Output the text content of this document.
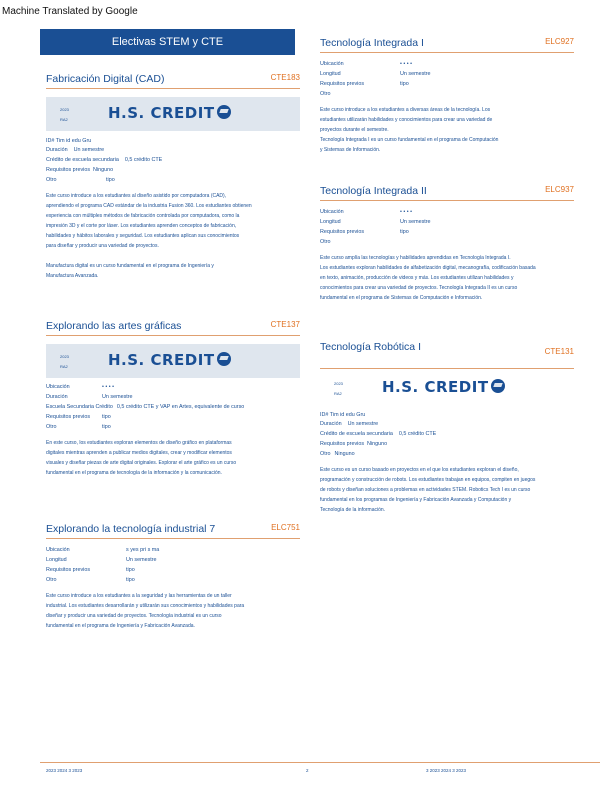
Machine Translated by Google
Electivas STEM y CTE
Fabricación Digital (CAD)	CTE183
2023
RA2	H.S. CREDIT
ID# Tim id edu Gru
Duración Un semestre
Crédito de escuela secundaria 0,5 crédito CTE
Requisitos previos Ninguno
Otro	tipo
Este curso introduce a los estudiantes al diseño asistido por computadora (CAD),
aprendiendo el programa CAD estándar de la industria Fusion 360. Los estudiantes obtienen
experiencia con múltiples métodos de fabricación controlada por computadora, como la
impresión 3D y el corte por láser. Los estudiantes aprenden conceptos de fabricación,
habilidades y hábitos laborales y seguridad. Los estudiantes aplican sus conocimientos
para diseñar y producir una variedad de proyectos.
Manufactura digital es un curso fundamental en el programa de Ingeniería y
Manufactura Avanzada.
Explorando las artes gráficas	CTE137
2023
RA2	H.S. CREDIT
Ubicación	• • • •
Duración	Un semestre
Escuela Secundaria Crédito 0,5 crédito CTE y VAP en Artes, equivalente de curso
Requisitos previos	tipo
Otro	tipo
En este curso, los estudiantes exploran elementos de diseño gráfico en plataformas
digitales mientras aprenden a publicar medios digitales, crear y modificar elementos
visuales y diseñar piezas de arte digital originales. Explorar el arte gráfico es un curso
fundamental en el programa de tecnología de la información y la comunicación.
Explorando la tecnología industrial 7	ELC751
Ubicación	s yes pri s ma
Longitud	Un semestre
Requisitos previos	tipo
Otro	tipo
Este curso introduce a los estudiantes a la seguridad y las herramientas de un taller
industrial. Los estudiantes desarrollarán y utilizarán sus conocimientos y habilidades para
diseñar y producir una variedad de proyectos. Tecnología industrial es un curso
fundamental en el programa de Ingeniería y Fabricación Avanzada.
Tecnología Integrada I	ELC927
Ubicación	• • • •
Longitud	Un semestre
Requisitos previos	tipo
Otro
Este curso introduce a los estudiantes a diversas áreas de la tecnología. Los
estudiantes utilizarán habilidades y conocimientos para crear una variedad de
proyectos durante el semestre.
Tecnología Integrada I es un curso fundamental en el programa de Computación
y Sistemas de Información.
Tecnología Integrada II	ELC937
Ubicación	• • • •
Longitud	Un semestre
Requisitos previos	tipo
Otro
Este curso amplía las tecnologías y habilidades aprendidas en Tecnología Integrada I.
Los estudiantes exploran habilidades de alfabetización digital, mecanografía, codificación basada
en texto, animación, producción de videos y más. Los estudiantes utilizan habilidades y
conocimientos para crear una variedad de proyectos. Tecnología Integrada II es un curso
fundamental en el programa de Sistemas de Computación e Información.
Tecnología Robótica I	CTE131
2023
RA2	H.S. CREDIT
ID# Tim id edu Gru
Duración Un semestre
Crédito de escuela secundaria 0,5 crédito CTE
Requisitos previos Ninguno
Otro Ninguno
Este curso es un curso basado en proyectos en el que los estudiantes exploran el diseño,
programación y construcción de robots. Los estudiantes trabajan en equipos, compiten en juegos
de robots y diseñan soluciones a problemas en actividades STEM. Robotics Tech I es un curso
fundamental en los programas de Ingeniería y Fabricación Avanzada y Computación y
Tecnología de la información.
2023 2024 3 2023	2	3 2023 2024 3 2023
